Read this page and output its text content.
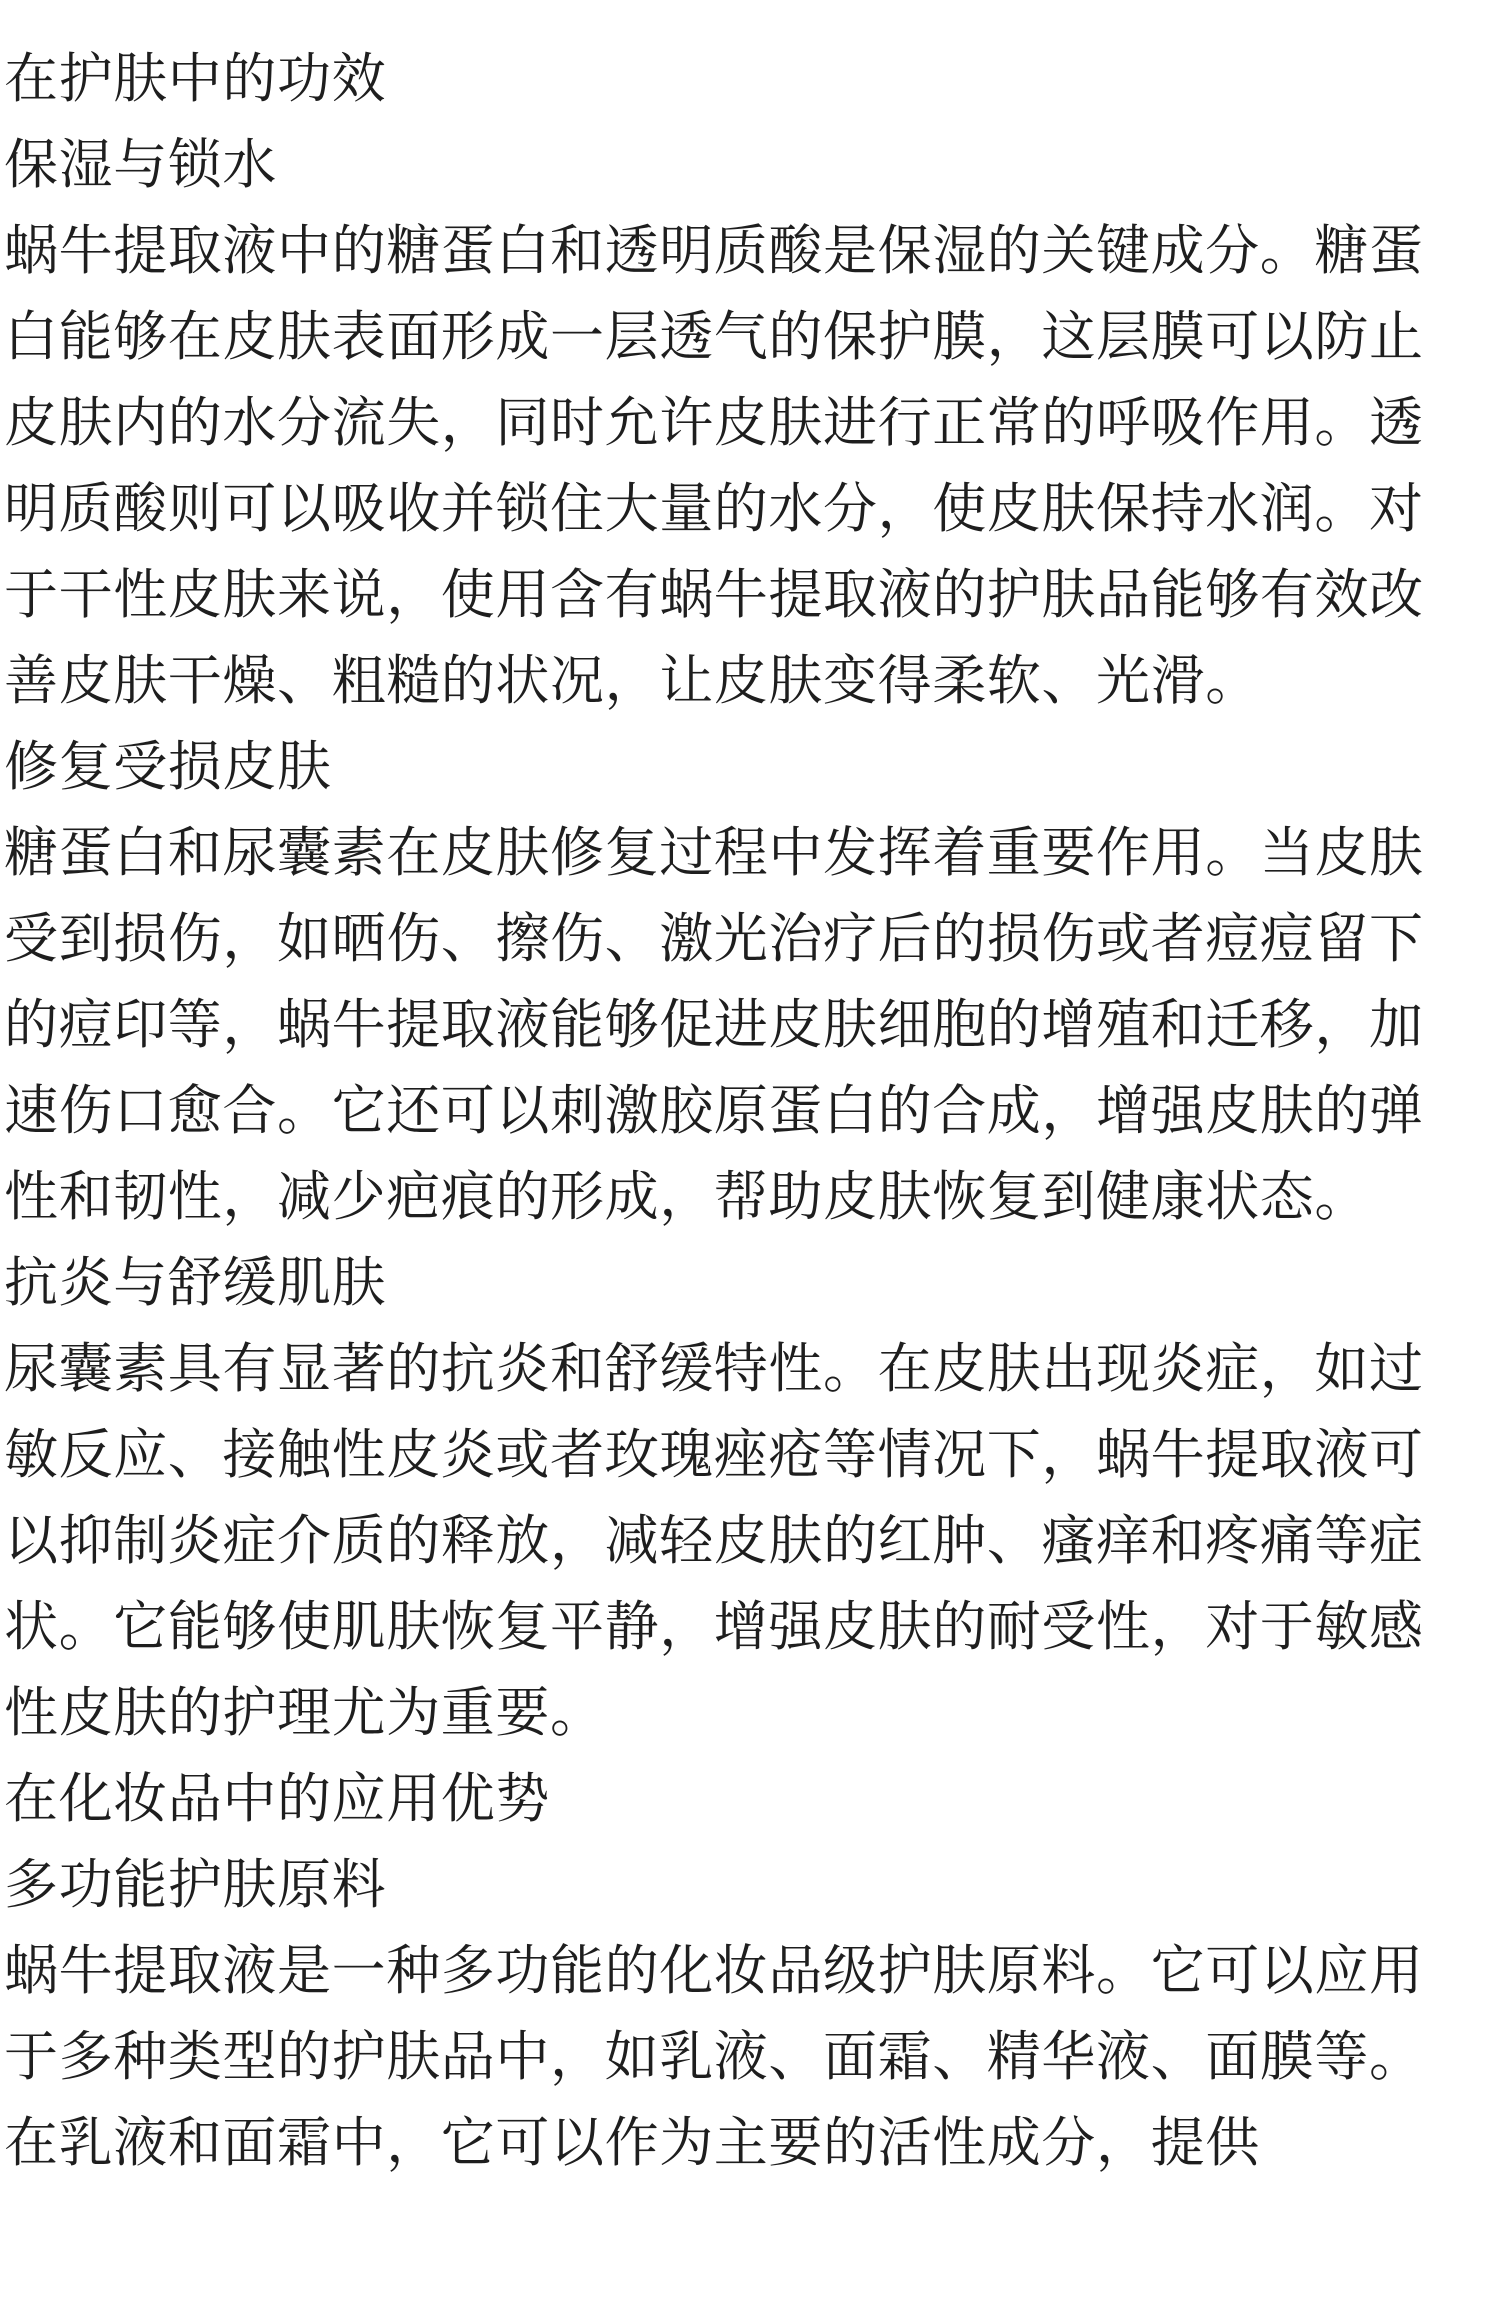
在护肤中的功效
保湿与锁水

蜗牛提取液中的糖蛋白和透明质酸是保湿的关键成分。糖蛋白能够在皮肤表面形成一层透气的保护膜，这层膜可以防止皮肤内的水分流失，同时允许皮肤进行正常的呼吸作用。透明质酸则可以吸收并锁住大量的水分，使皮肤保持水润。对于干性皮肤来说，使用含有蜗牛提取液的护肤品能够有效改善皮肤干燥、粗糙的状况，让皮肤变得柔软、光滑。

修复受损皮肤

糖蛋白和尿囊素在皮肤修复过程中发挥着重要作用。当皮肤受到损伤，如晒伤、擦伤、激光治疗后的损伤或者痘痘留下的痘印等，蜗牛提取液能够促进皮肤细胞的增殖和迁移，加速伤口愈合。它还可以刺激胶原蛋白的合成，增强皮肤的弹性和韧性，减少疤痕的形成，帮助皮肤恢复到健康状态。

抗炎与舒缓肌肤

尿囊素具有显著的抗炎和舒缓特性。在皮肤出现炎症，如过敏反应、接触性皮炎或者玫瑰痤疮等情况下，蜗牛提取液可以抑制炎症介质的释放，减轻皮肤的红肿、瘙痒和疼痛等症状。它能够使肌肤恢复平静，增强皮肤的耐受性，对于敏感性皮肤的护理尤为重要。

在化妆品中的应用优势
多功能护肤原料

蜗牛提取液是一种多功能的化妆品级护肤原料。它可以应用于多种类型的护肤品中，如乳液、面霜、精华液、面膜等。在乳液和面霜中，它可以作为主要的活性成分，提供
